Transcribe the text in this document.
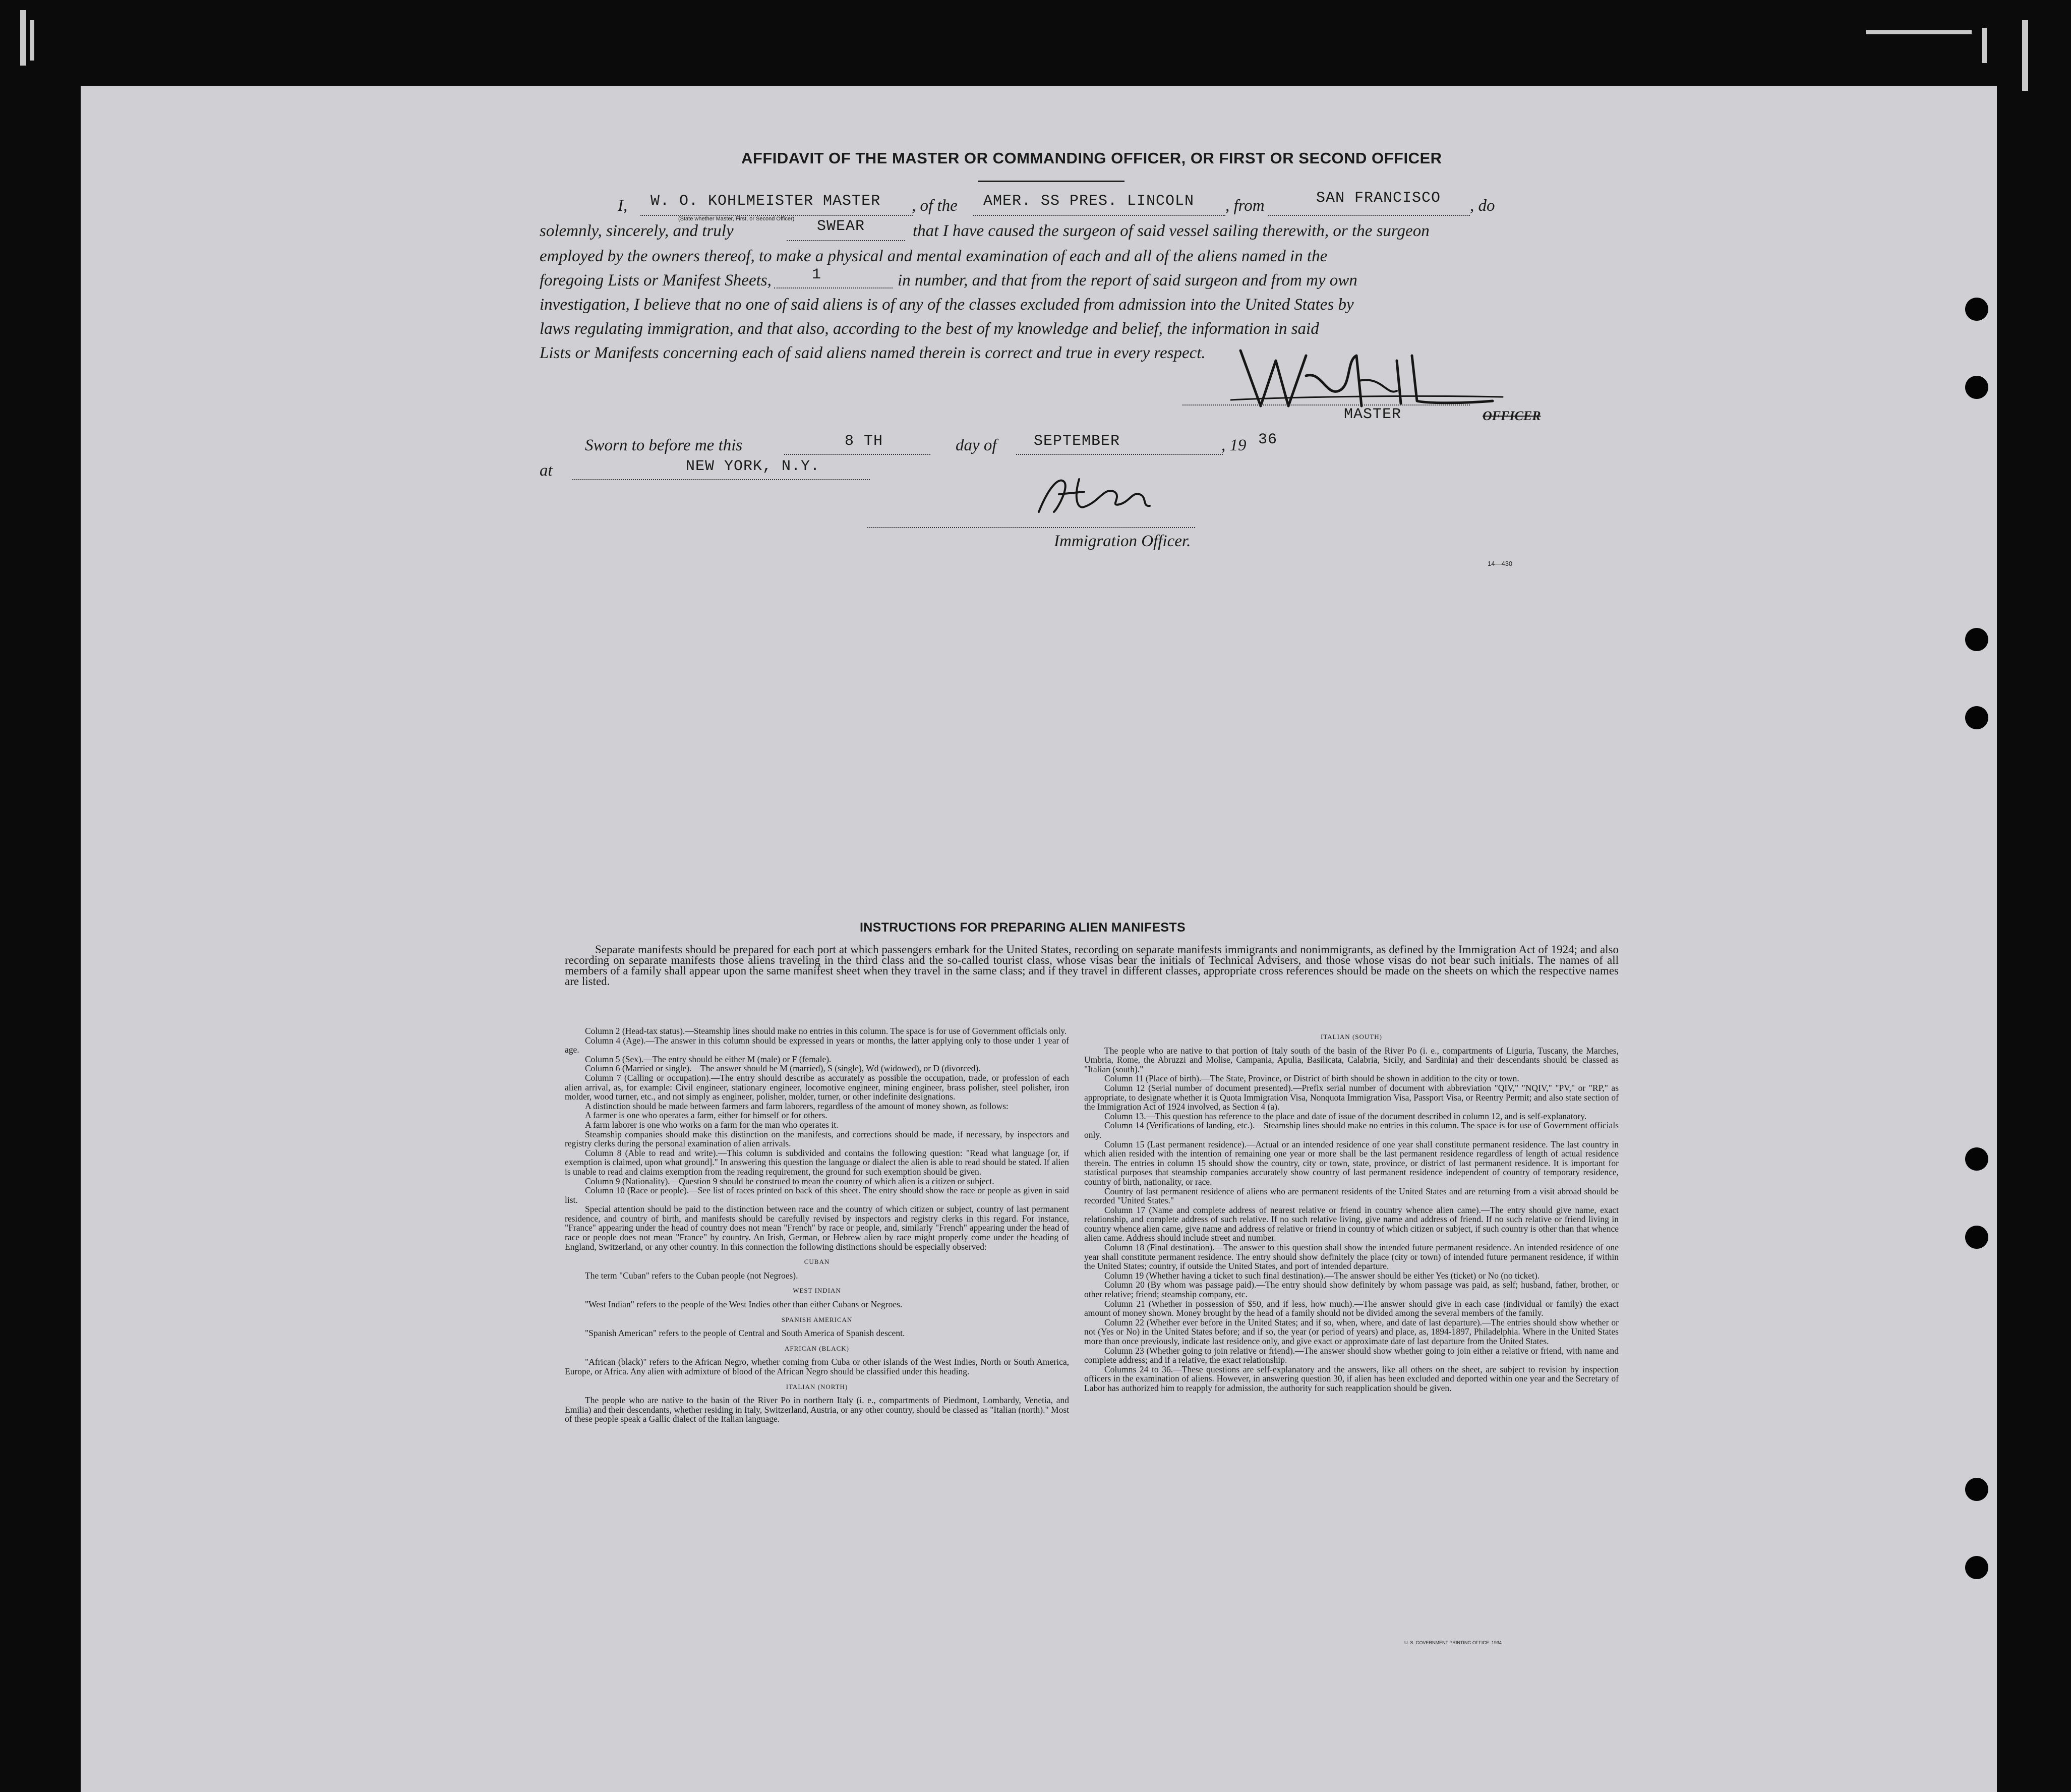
AFFIDAVIT OF THE MASTER OR COMMANDING OFFICER, OR FIRST OR SECOND OFFICER
I, W. O. KOHLMEISTER MASTER
(State whether Master, First, or Second Officer)
, of the AMER. SS PRES. LINCOLN , from	SAN FRANCISCO , do
solemnly, sincerely, and truly	SWEAR	that I have caused the surgeon of said vessel sailing therewith, or the surgeon
employed by the owners thereof, to make a physical and mental examination of each and all of the aliens named in the
foregoing Lists or Manifest Sheets,	1	in number, and that from the report of said surgeon and from my own
investigation, I believe that no one of said aliens is of any of the classes excluded from admission into the United States by
laws regulating immigration, and that also, according to the best of my knowledge and belief, the information in said
Lists or Manifests concerning each of said aliens named therein is correct and true in every respect.
MASTER	OFFICER
Sworn to before me this	8 TH	day of SEPTEMBER	, 19 36
at	NEW YORK, N.Y.
Immigration Officer.
14—430
INSTRUCTIONS FOR PREPARING ALIEN MANIFESTS
Separate manifests should be prepared for each port at which passengers embark for the United States, recording on separate manifests immigrants and nonimmigrants, as defined by the Immigration Act of 1924; and also recording on separate manifests those aliens traveling in the third class and the so-called tourist class, whose visas bear the initials of Technical Advisers, and those whose visas do not bear such initials. The names of all members of a family shall appear upon the same manifest sheet when they travel in the same class; and if they travel in different classes, appropriate cross references should be made on the sheets on which the respective names are listed.

Column 2 (Head-tax status).—Steamship lines should make no entries in this column. The space is for use of Government officials only.

Column 4 (Age).—The answer in this column should be expressed in years or months, the latter applying only to those under 1 year of age.

Column 5 (Sex).—The entry should be either M (male) or F (female).

Column 6 (Married or single).—The answer should be M (married), S (single), Wd (widowed), or D (divorced).

Column 7 (Calling or occupation).—The entry should describe as accurately as possible the occupation, trade, or profession of each alien arrival, as, for example: Civil engineer, stationary engineer, locomotive engineer, mining engineer, brass polisher, steel polisher, iron molder, wood turner, etc., and not simply as engineer, polisher, molder, turner, or other indefinite designations.

A distinction should be made between farmers and farm laborers, regardless of the amount of money shown, as follows:

A farmer is one who operates a farm, either for himself or for others.

A farm laborer is one who works on a farm for the man who operates it.

Steamship companies should make this distinction on the manifests, and corrections should be made, if necessary, by inspectors and registry clerks during the personal examination of alien arrivals.

Column 8 (Able to read and write).—This column is subdivided and contains the following question: "Read what language [or, if exemption is claimed, upon what ground]." In answering this question the language or dialect the alien is able to read should be stated. If alien is unable to read and claims exemption from the reading requirement, the ground for such exemption should be given.

Column 9 (Nationality).—Question 9 should be construed to mean the country of which alien is a citizen or subject.

Column 10 (Race or people).—See list of races printed on back of this sheet. The entry should show the race or people as given in said list.

Special attention should be paid to the distinction between race and the country of which citizen or subject, country of last permanent residence, and country of birth, and manifests should be carefully revised by inspectors and registry clerks in this regard. For instance, "France" appearing under the head of country does not mean "French" by race or people, and, similarly "French" appearing under the head of race or people does not mean "France" by country. An Irish, German, or Hebrew alien by race might properly come under the heading of England, Switzerland, or any other country. In this connection the following distinctions should be especially observed:

CUBAN

The term "Cuban" refers to the Cuban people (not Negroes).

WEST INDIAN

"West Indian" refers to the people of the West Indies other than either Cubans or Negroes.

SPANISH AMERICAN

"Spanish American" refers to the people of Central and South America of Spanish descent.

AFRICAN (BLACK)

"African (black)" refers to the African Negro, whether coming from Cuba or other islands of the West Indies, North or South America, Europe, or Africa. Any alien with admixture of blood of the African Negro should be classified under this heading.

ITALIAN (NORTH)

The people who are native to the basin of the River Po in northern Italy (i. e., compartments of Piedmont, Lombardy, Venetia, and Emilia) and their descendants, whether residing in Italy, Switzerland, Austria, or any other country, should be classed as "Italian (north)." Most of these people speak a Gallic dialect of the Italian language.

ITALIAN (SOUTH)

The people who are native to that portion of Italy south of the basin of the River Po (i. e., compartments of Liguria, Tuscany, the Marches, Umbria, Rome, the Abruzzi and Molise, Campania, Apulia, Basilicata, Calabria, Sicily, and Sardinia) and their descendants should be classed as "Italian (south)."

Column 11 (Place of birth).—The State, Province, or District of birth should be shown in addition to the city or town.

Column 12 (Serial number of document presented).—Prefix serial number of document with abbreviation "QIV," "NQIV," "PV," or "RP," as appropriate, to designate whether it is Quota Immigration Visa, Nonquota Immigration Visa, Passport Visa, or Reentry Permit; and also state section of the Immigration Act of 1924 involved, as Section 4 (a).

Column 13.—This question has reference to the place and date of issue of the document described in column 12, and is self-explanatory.

Column 14 (Verifications of landing, etc.).—Steamship lines should make no entries in this column. The space is for use of Government officials only.

Column 15 (Last permanent residence).—Actual or an intended residence of one year shall constitute permanent residence. The last country in which alien resided with the intention of remaining one year or more shall be the last permanent residence regardless of length of actual residence therein. The entries in column 15 should show the country, city or town, state, province, or district of last permanent residence. It is important for statistical purposes that steamship companies accurately show country of last permanent residence independent of country of temporary residence, country of birth, nationality, or race.

Country of last permanent residence of aliens who are permanent residents of the United States and are returning from a visit abroad should be recorded "United States."

Column 17 (Name and complete address of nearest relative or friend in country whence alien came).—The entry should give name, exact relationship, and complete address of such relative. If no such relative living, give name and address of friend. If no such relative or friend living in country whence alien came, give name and address of relative or friend in country of which citizen or subject, if such country is other than that whence alien came. Address should include street and number.

Column 18 (Final destination).—The answer to this question shall show the intended future permanent residence. An intended residence of one year shall constitute permanent residence. The entry should show definitely the place (city or town) of intended future permanent residence, if within the United States; country, if outside the United States, and port of intended departure.

Column 19 (Whether having a ticket to such final destination).—The answer should be either Yes (ticket) or No (no ticket).

Column 20 (By whom was passage paid).—The entry should show definitely by whom passage was paid, as self; husband, father, brother, or other relative; friend; steamship company, etc.

Column 21 (Whether in possession of $50, and if less, how much).—The answer should give in each case (individual or family) the exact amount of money shown. Money brought by the head of a family should not be divided among the several members of the family.

Column 22 (Whether ever before in the United States; and if so, when, where, and date of last departure).—The entries should show whether or not (Yes or No) in the United States before; and if so, the year (or period of years) and place, as, 1894-1897, Philadelphia. Where in the United States more than once previously, indicate last residence only, and give exact or approximate date of last departure from the United States.

Column 23 (Whether going to join relative or friend).—The answer should show whether going to join either a relative or friend, with name and complete address; and if a relative, the exact relationship.

Columns 24 to 36.—These questions are self-explanatory and the answers, like all others on the sheet, are subject to revision by inspection officers in the examination of aliens. However, in answering question 30, if alien has been excluded and deported within one year and the Secretary of Labor has authorized him to reapply for admission, the authority for such reapplication should be given.

U. S. GOVERNMENT PRINTING OFFICE: 1934
